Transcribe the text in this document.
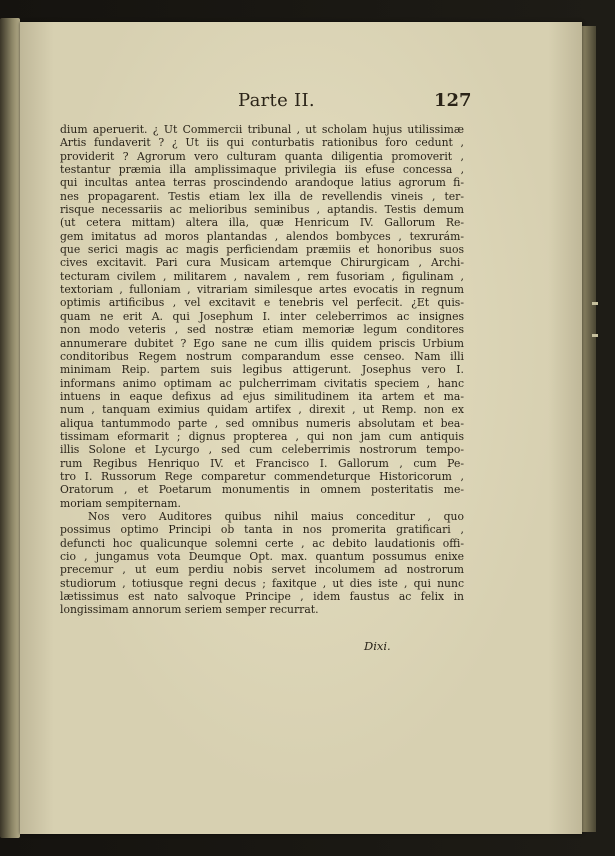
Parte II.	127
dium aperuerit. ¿ Ut Commercii tribunal , ut scholam hujus utilissimæ
Artis fundaverit ? ¿ Ut iis qui conturbatis rationibus foro cedunt ,
providerit ? Agrorum vero culturam quanta diligentia promoverit ,
testantur præmia illa amplissimaque privilegia iis efuse concessa ,
qui incultas antea terras proscindendo arandoque latius agrorum fi-
nes propagarent. Testis etiam lex illa de revellendis vineis , ter-
risque necessariis ac melioribus seminibus , aptandis. Testis demum
(ut cetera mittam) altera illa, quæ Henricum IV. Gallorum Re-
gem imitatus ad moros plantandas , alendos bombyces , texrurám-
que serici magis ac magis perficiendam præmiis et honoribus suos
cives excitavit. Pari cura Musicam artemque Chirurgicam , Archi-
tecturam civilem , militarem , navalem , rem fusoriam , figulinam ,
textoriam , fulloniam , vitrariam similesque artes evocatis in regnum
optimis artificibus , vel excitavit e tenebris vel perfecit. ¿Et quis-
quam ne erit A. qui Josephum I. inter celeberrimos ac insignes
non modo veteris , sed nostræ etiam memoriæ legum conditores
annumerare dubitet ? Ego sane ne cum illis quidem priscis Urbium
conditoribus Regem nostrum comparandum esse censeo. Nam illi
minimam Reip. partem suis legibus attigerunt. Josephus vero I.
informans animo optimam ac pulcherrimam civitatis speciem , hanc
intuens in eaque defixus ad ejus similitudinem ita artem et ma-
num , tanquam eximius quidam artifex , direxit , ut Remp. non ex
aliqua tantummodo parte , sed omnibus numeris absolutam et bea-
tissimam eformarit ; dignus propterea , qui non jam cum antiquis
illis Solone et Lycurgo , sed cum celeberrimis nostrorum tempo-
rum Regibus Henriquo IV. et Francisco I. Gallorum , cum Pe-
tro I. Russorum Rege comparetur commendeturque Historicorum ,
Oratorum , et Poetarum monumentis in omnem posteritatis me-
moriam sempiternam.
Nos vero Auditores quibus nihil maius conceditur , quo
possimus optimo Principi ob tanta in nos promerita gratificari ,
defuncti hoc qualicunque solemni certe , ac debito laudationis offi-
cio , jungamus vota Deumque Opt. max. quantum possumus enixe
precemur , ut eum perdiu nobis servet incolumem ad nostrorum
studiorum , totiusque regni decus ; faxitque , ut dies iste , qui nunc
lætissimus est nato salvoque Principe , idem faustus ac felix in
longissimam annorum seriem semper recurrat.
Dixi.
